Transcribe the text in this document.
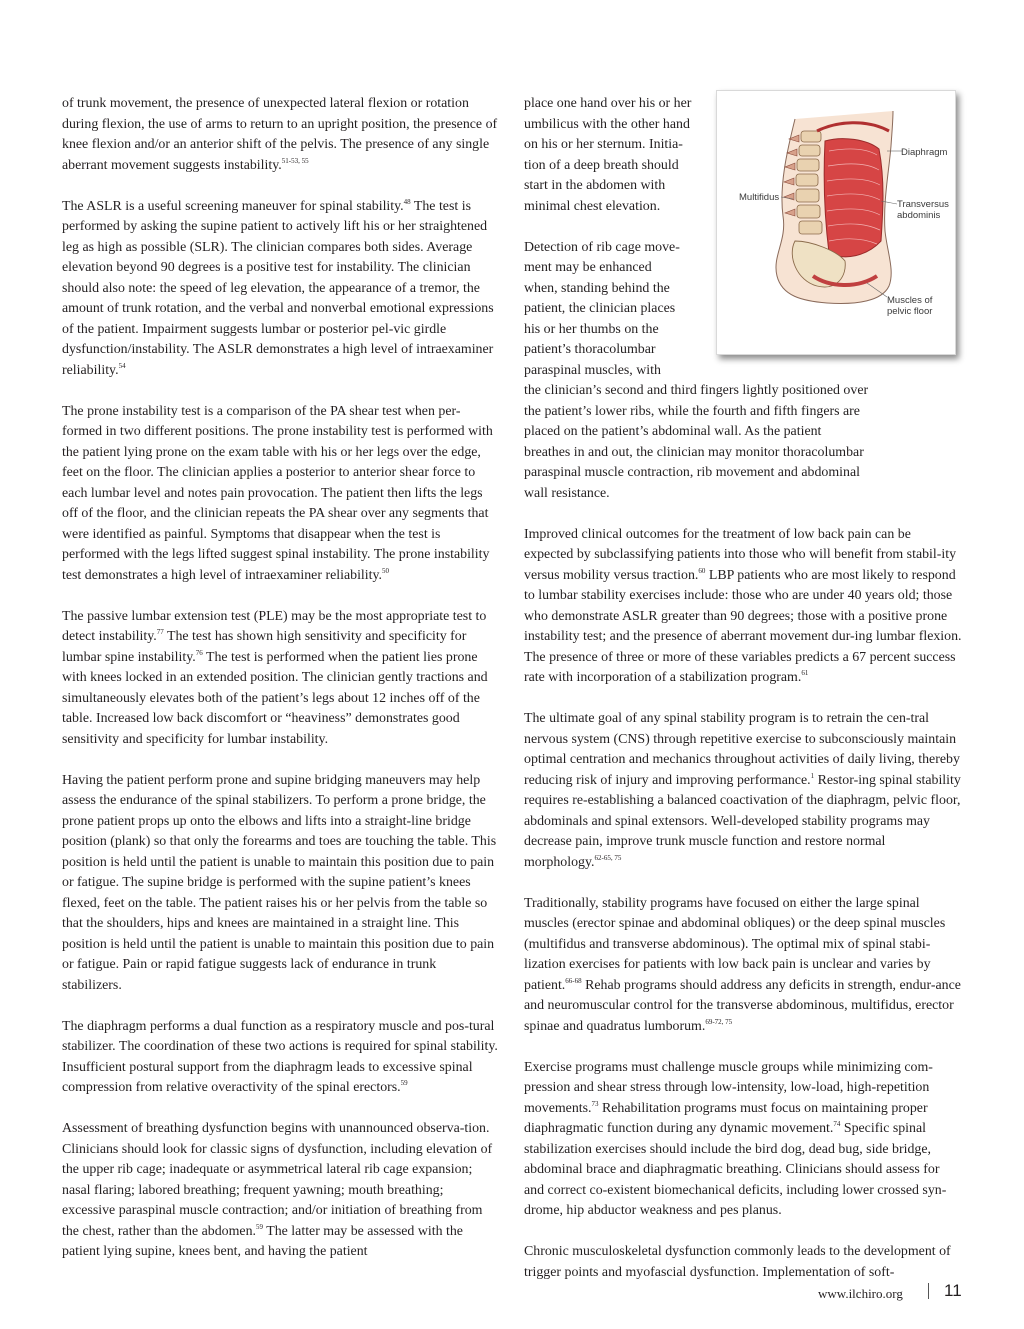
of trunk movement, the presence of unexpected lateral flexion or rotation during flexion, the use of arms to return to an upright position, the presence of knee flexion and/or an anterior shift of the pelvis. The presence of any single aberrant movement suggests instability.$^{51-53, 55}$

The ASLR is a useful screening maneuver for spinal stability.$^{48}$ The test is performed by asking the supine patient to actively lift his or her straightened leg as high as possible (SLR). The clinician compares both sides. Average elevation beyond 90 degrees is a positive test for instability. The clinician should also note: the speed of leg elevation, the appearance of a tremor, the amount of trunk rotation, and the verbal and nonverbal emotional expressions of the patient. Impairment suggests lumbar or posterior pel-vic girdle dysfunction/instability. The ASLR demonstrates a high level of intraexaminer reliability.$^{54}$

The prone instability test is a comparison of the PA shear test when per-formed in two different positions. The prone instability test is performed with the patient lying prone on the exam table with his or her legs over the edge, feet on the floor. The clinician applies a posterior to anterior shear force to each lumbar level and notes pain provocation. The patient then lifts the legs off of the floor, and the clinician repeats the PA shear over any segments that were identified as painful. Symptoms that disappear when the test is performed with the legs lifted suggest spinal instability. The prone instability test demonstrates a high level of intraexaminer reliability.$^{50}$

The passive lumbar extension test (PLE) may be the most appropriate test to detect instability.$^{77}$ The test has shown high sensitivity and specificity for lumbar spine instability.$^{76}$ The test is performed when the patient lies prone with knees locked in an extended position. The clinician gently tractions and simultaneously elevates both of the patient’s legs about 12 inches off of the table. Increased low back discomfort or “heaviness” demonstrates good sensitivity and specificity for lumbar instability.

Having the patient perform prone and supine bridging maneuvers may help assess the endurance of the spinal stabilizers. To perform a prone bridge, the prone patient props up onto the elbows and lifts into a straight-line bridge position (plank) so that only the forearms and toes are touching the table. This position is held until the patient is unable to maintain this position due to pain or fatigue. The supine bridge is performed with the supine patient’s knees flexed, feet on the table. The patient raises his or her pelvis from the table so that the shoulders, hips and knees are maintained in a straight line. This position is held until the patient is unable to maintain this position due to pain or fatigue. Pain or rapid fatigue suggests lack of endurance in trunk stabilizers.

The diaphragm performs a dual function as a respiratory muscle and pos-tural stabilizer. The coordination of these two actions is required for spinal stability. Insufficient postural support from the diaphragm leads to excessive spinal compression from relative overactivity of the spinal erectors.$^{59}$

Assessment of breathing dysfunction begins with unannounced observa-tion. Clinicians should look for classic signs of dysfunction, including elevation of the upper rib cage; inadequate or asymmetrical lateral rib cage expansion; nasal flaring; labored breathing; frequent yawning; mouth breathing; excessive paraspinal muscle contraction; and/or initiation of breathing from the chest, rather than the abdomen.$^{59}$ The latter may be assessed with the patient lying supine, knees bent, and having the patient

place one hand over his or her
umbilicus with the other hand
on his or her sternum. Initia-
tion of a deep breath should
start in the abdomen with
minimal chest elevation.

Detection of rib cage move-
ment may be enhanced
when, standing behind the
patient, the clinician places
his or her thumbs on the
patient’s thoracolumbar
paraspinal muscles, with
the clinician’s second and third fingers lightly positioned over the patient’s lower ribs, while the fourth and fifth fingers are placed on the patient’s abdominal wall. As the patient breathes in and out, the clinician may monitor thoracolumbar paraspinal muscle contraction, rib movement and abdominal wall resistance.

Improved clinical outcomes for the treatment of low back pain can be expected by subclassifying patients into those who will benefit from stabil-ity versus mobility versus traction.$^{60}$ LBP patients who are most likely to respond to lumbar stability exercises include: those who are under 40 years old; those who demonstrate ASLR greater than 90 degrees; those with a positive prone instability test; and the presence of aberrant movement dur-ing lumbar flexion. The presence of three or more of these variables predicts a 67 percent success rate with incorporation of a stabilization program.$^{61}$

The ultimate goal of any spinal stability program is to retrain the cen-tral nervous system (CNS) through repetitive exercise to subconsciously maintain optimal centration and mechanics throughout activities of daily living, thereby reducing risk of injury and improving performance.$^1$ Restor-ing spinal stability requires re-establishing a balanced coactivation of the diaphragm, pelvic floor, abdominals and spinal extensors. Well-developed stability programs may decrease pain, improve trunk muscle function and restore normal morphology.$^{62-65, 75}$

Traditionally, stability programs have focused on either the large spinal muscles (erector spinae and abdominal obliques) or the deep spinal muscles (multifidus and transverse abdominous). The optimal mix of spinal stabi-lization exercises for patients with low back pain is unclear and varies by patient.$^{66-68}$ Rehab programs should address any deficits in strength, endur-ance and neuromuscular control for the transverse abdominous, multifidus, erector spinae and quadratus lumborum.$^{69-72, 75}$

Exercise programs must challenge muscle groups while minimizing com-pression and shear stress through low-intensity, low-load, high-repetition movements.$^{73}$ Rehabilitation programs must focus on maintaining proper diaphragmatic function during any dynamic movement.$^{74}$ Specific spinal stabilization exercises should include the bird dog, dead bug, side bridge, abdominal brace and diaphragmatic breathing. Clinicians should assess for and correct co-existent biomechanical deficits, including lower crossed syn-drome, hip abductor weakness and pes planus.

Chronic musculoskeletal dysfunction commonly leads to the development of trigger points and myofascial dysfunction. Implementation of soft-

Diaphragm
Multifidus
Transversus
abdominis
Muscles of
pelvic floor
www.ilchiro.org 11
